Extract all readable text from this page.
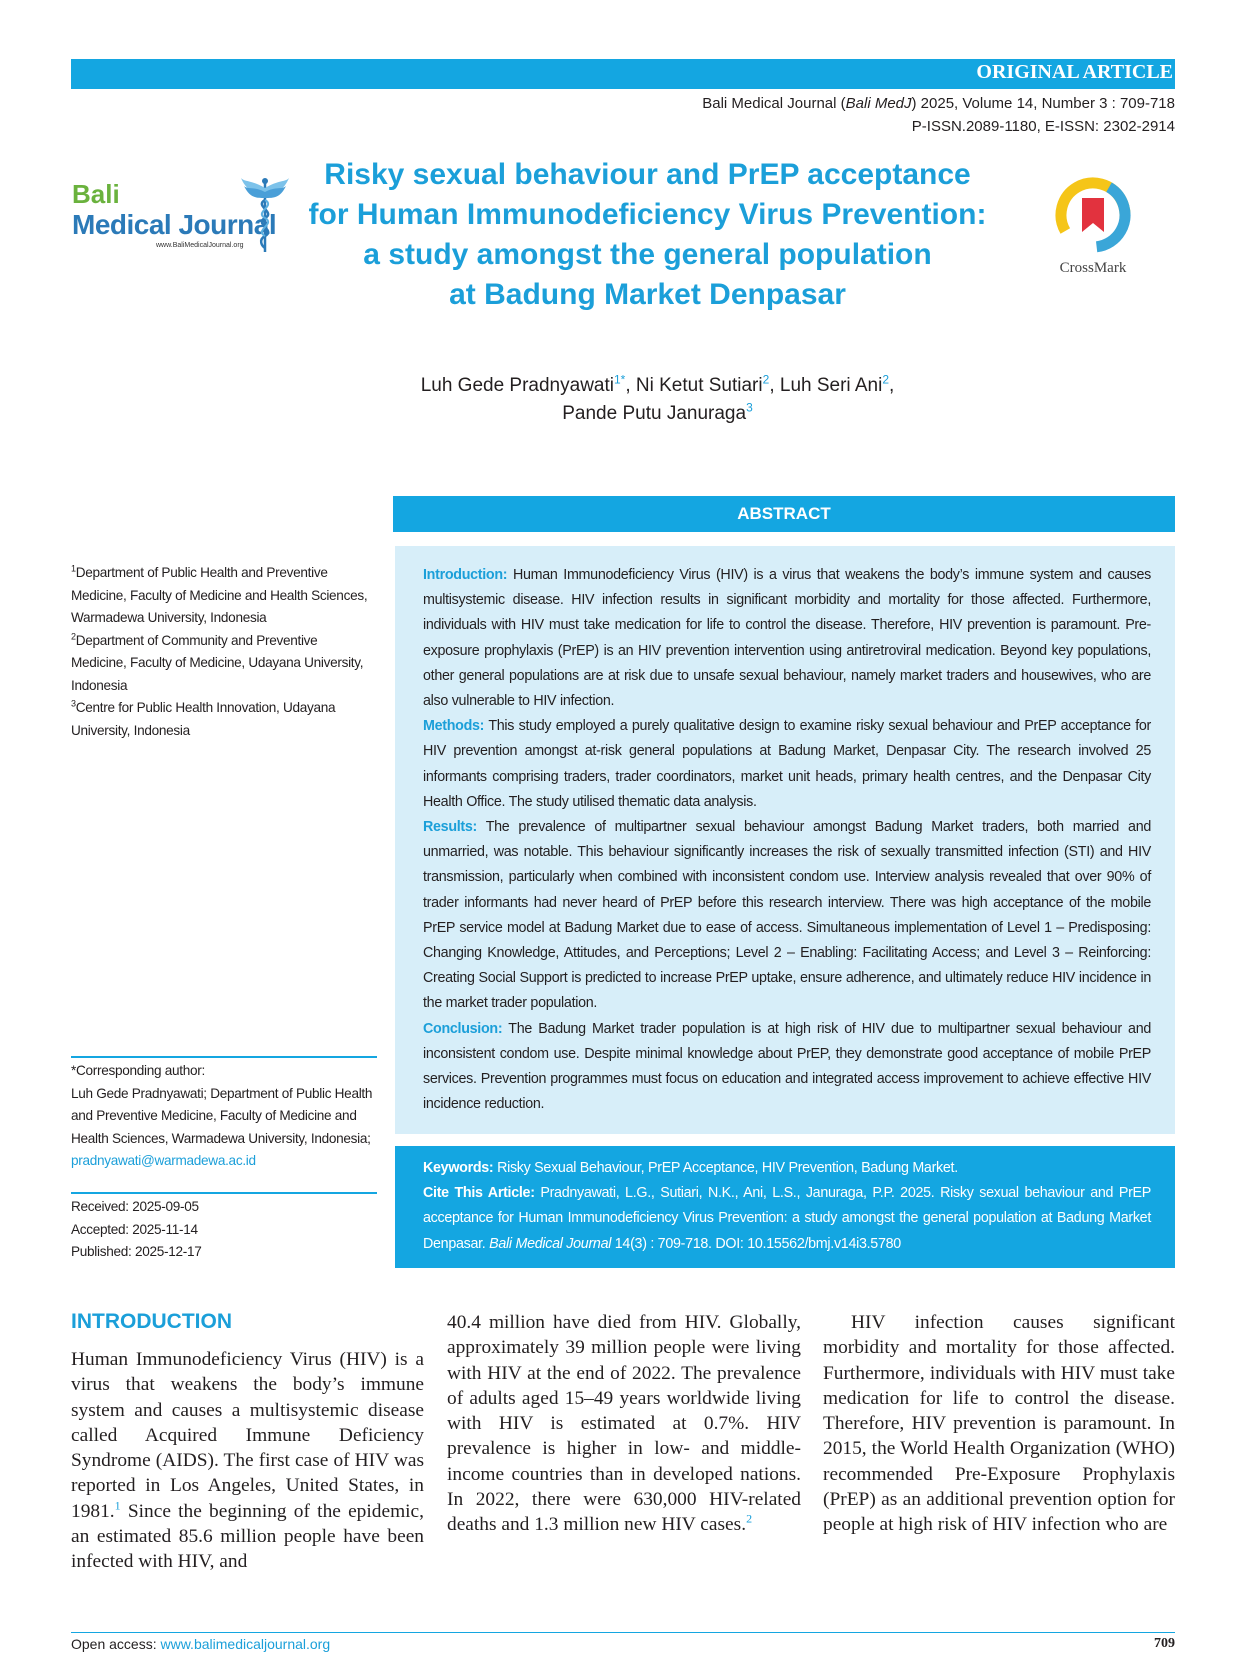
ORIGINAL ARTICLE
Bali Medical Journal (Bali MedJ) 2025, Volume 14, Number 3 : 709-718
P-ISSN.2089-1180, E-ISSN: 2302-2914
Bali
Medical Journal
www.BaliMedicalJournal.org
Risky sexual behaviour and PrEP acceptance
for Human Immunodeficiency Virus Prevention:
a study amongst the general population
at Badung Market Denpasar
CrossMark
Luh Gede Pradnyawati$^{1*}$, Ni Ketut Sutiari$^2$, Luh Seri Ani$^2$,
Pande Putu Januraga$^3$
ABSTRACT
Introduction: Human Immunodeficiency Virus (HIV) is a virus that weakens the body’s immune system and causes multisystemic disease. HIV infection results in significant morbidity and mortality for those affected. Furthermore, individuals with HIV must take medication for life to control the disease. Therefore, HIV prevention is paramount. Pre-exposure prophylaxis (PrEP) is an HIV prevention intervention using antiretroviral medication. Beyond key populations, other general populations are at risk due to unsafe sexual behaviour, namely market traders and housewives, who are also vulnerable to HIV infection.
Methods: This study employed a purely qualitative design to examine risky sexual behaviour and PrEP acceptance for HIV prevention amongst at-risk general populations at Badung Market, Denpasar City. The research involved 25 informants comprising traders, trader coordinators, market unit heads, primary health centres, and the Denpasar City Health Office. The study utilised thematic data analysis.
Results: The prevalence of multipartner sexual behaviour amongst Badung Market traders, both married and unmarried, was notable. This behaviour significantly increases the risk of sexually transmitted infection (STI) and HIV transmission, particularly when combined with inconsistent condom use. Interview analysis revealed that over 90% of trader informants had never heard of PrEP before this research interview. There was high acceptance of the mobile PrEP service model at Badung Market due to ease of access. Simultaneous implementation of Level 1 – Predisposing: Changing Knowledge, Attitudes, and Perceptions; Level 2 – Enabling: Facilitating Access; and Level 3 – Reinforcing: Creating Social Support is predicted to increase PrEP uptake, ensure adherence, and ultimately reduce HIV incidence in the market trader population.
Conclusion: The Badung Market trader population is at high risk of HIV due to multipartner sexual behaviour and inconsistent condom use. Despite minimal knowledge about PrEP, they demonstrate good acceptance of mobile PrEP services. Prevention programmes must focus on education and integrated access improvement to achieve effective HIV incidence reduction.
Keywords: Risky Sexual Behaviour, PrEP Acceptance, HIV Prevention, Badung Market.
Cite This Article: Pradnyawati, L.G., Sutiari, N.K., Ani, L.S., Januraga, P.P. 2025. Risky sexual behaviour and PrEP acceptance for Human Immunodeficiency Virus Prevention: a study amongst the general population at Badung Market Denpasar. Bali Medical Journal 14(3) : 709-718. DOI: 10.15562/bmj.v14i3.5780
$^1$Department of Public Health and Preventive Medicine, Faculty of Medicine and Health Sciences, Warmadewa University, Indonesia
$^2$Department of Community and Preventive Medicine, Faculty of Medicine, Udayana University, Indonesia
$^3$Centre for Public Health Innovation, Udayana University, Indonesia
*Corresponding author:
Luh Gede Pradnyawati; Department of Public Health and Preventive Medicine, Faculty of Medicine and Health Sciences, Warmadewa University, Indonesia;
pradnyawati@warmadewa.ac.id
Received: 2025-09-05
Accepted: 2025-11-14
Published: 2025-12-17
INTRODUCTION
Human Immunodeficiency Virus (HIV) is a virus that weakens the body’s immune system and causes a multisystemic disease called Acquired Immune Deficiency Syndrome (AIDS). The first case of HIV was reported in Los Angeles, United States, in 1981.$^1$ Since the beginning of the epidemic, an estimated 85.6 million people have been infected with HIV, and
40.4 million have died from HIV. Globally, approximately 39 million people were living with HIV at the end of 2022. The prevalence of adults aged 15–49 years worldwide living with HIV is estimated at 0.7%. HIV prevalence is higher in low- and middle-income countries than in developed nations. In 2022, there were 630,000 HIV-related deaths and 1.3 million new HIV cases.$^2$
HIV infection causes significant morbidity and mortality for those affected. Furthermore, individuals with HIV must take medication for life to control the disease. Therefore, HIV prevention is paramount. In 2015, the World Health Organization (WHO) recommended Pre-Exposure Prophylaxis (PrEP) as an additional prevention option for people at high risk of HIV infection who are
Open access: www.balimedicaljournal.org	709
